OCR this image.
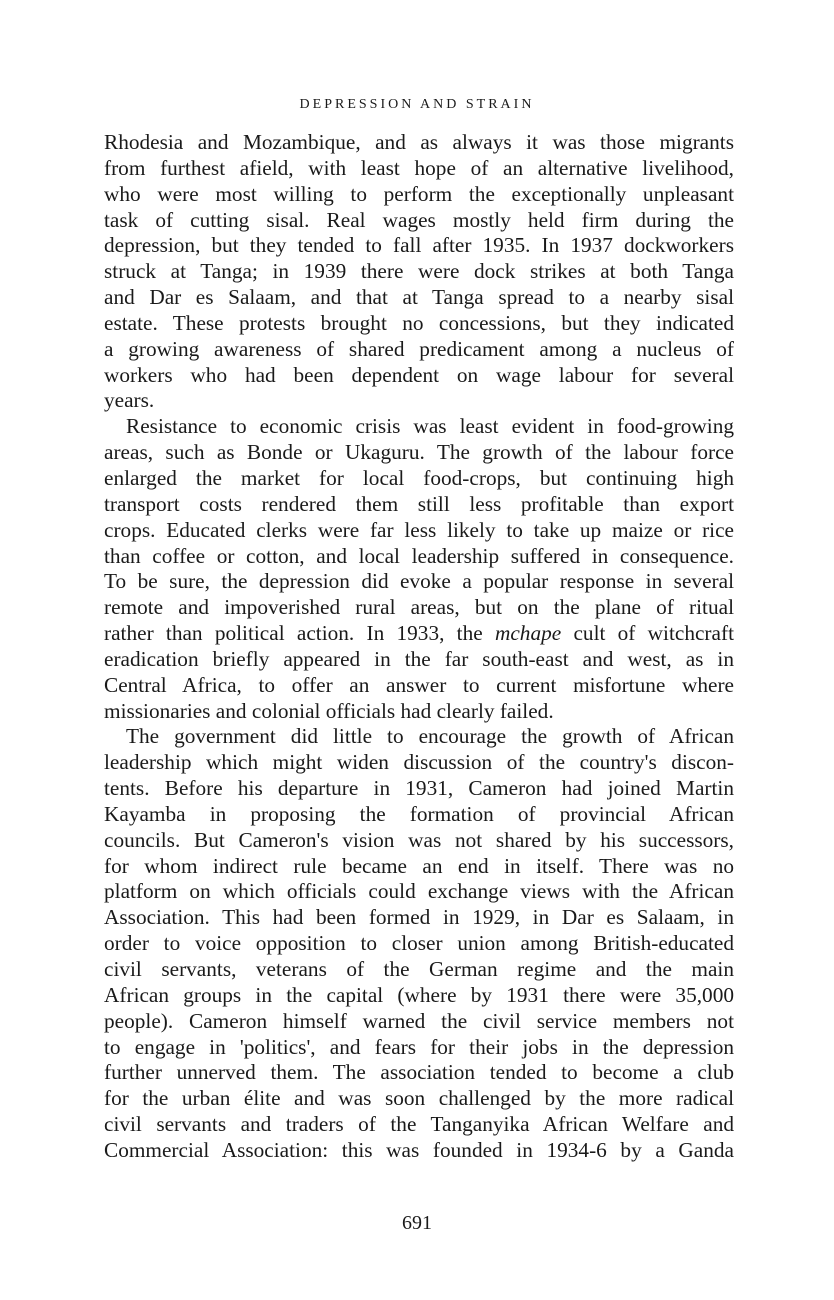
DEPRESSION AND STRAIN
Rhodesia and Mozambique, and as always it was those migrants
from furthest afield, with least hope of an alternative livelihood,
who were most willing to perform the exceptionally unpleasant
task of cutting sisal. Real wages mostly held firm during the
depression, but they tended to fall after 1935. In 1937 dockworkers
struck at Tanga; in 1939 there were dock strikes at both Tanga
and Dar es Salaam, and that at Tanga spread to a nearby sisal
estate. These protests brought no concessions, but they indicated
a growing awareness of shared predicament among a nucleus of
workers who had been dependent on wage labour for several
years.
Resistance to economic crisis was least evident in food-growing
areas, such as Bonde or Ukaguru. The growth of the labour force
enlarged the market for local food-crops, but continuing high
transport costs rendered them still less profitable than export
crops. Educated clerks were far less likely to take up maize or rice
than coffee or cotton, and local leadership suffered in consequence.
To be sure, the depression did evoke a popular response in several
remote and impoverished rural areas, but on the plane of ritual
rather than political action. In 1933, the mchape cult of witchcraft
eradication briefly appeared in the far south-east and west, as in
Central Africa, to offer an answer to current misfortune where
missionaries and colonial officials had clearly failed.
The government did little to encourage the growth of African
leadership which might widen discussion of the country's discon-
tents. Before his departure in 1931, Cameron had joined Martin
Kayamba in proposing the formation of provincial African
councils. But Cameron's vision was not shared by his successors,
for whom indirect rule became an end in itself. There was no
platform on which officials could exchange views with the African
Association. This had been formed in 1929, in Dar es Salaam, in
order to voice opposition to closer union among British-educated
civil servants, veterans of the German regime and the main
African groups in the capital (where by 1931 there were 35,000
people). Cameron himself warned the civil service members not
to engage in 'politics', and fears for their jobs in the depression
further unnerved them. The association tended to become a club
for the urban élite and was soon challenged by the more radical
civil servants and traders of the Tanganyika African Welfare and
Commercial Association: this was founded in 1934-6 by a Ganda
691
